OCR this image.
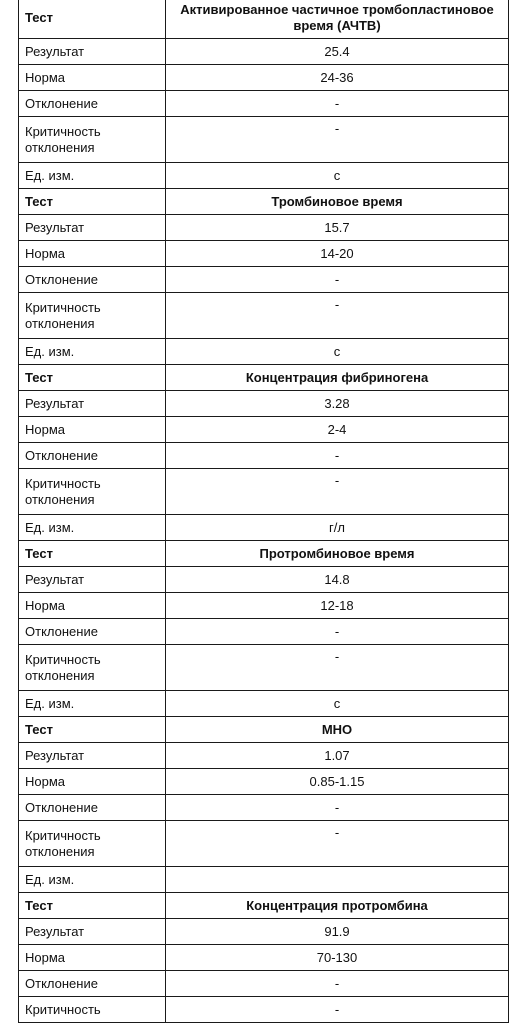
Тест	Активированное частичное тромбопластиновое время (АЧТВ)
Результат	25.4
Норма	24-36
Отклонение	-
Критичность отклонения	-
Ед. изм.	с
Тест	Тромбиновое время
Результат	15.7
Норма	14-20
Отклонение	-
Критичность отклонения	-
Ед. изм.	с
Тест	Концентрация фибриногена
Результат	3.28
Норма	2-4
Отклонение	-
Критичность отклонения	-
Ед. изм.	г/л
Тест	Протромбиновое время
Результат	14.8
Норма	12-18
Отклонение	-
Критичность отклонения	-
Ед. изм.	с
Тест	МНО
Результат	1.07
Норма	0.85-1.15
Отклонение	-
Критичность отклонения	-
Ед. изм.	
Тест	Концентрация протромбина
Результат	91.9
Норма	70-130
Отклонение	-
Критичность	-
